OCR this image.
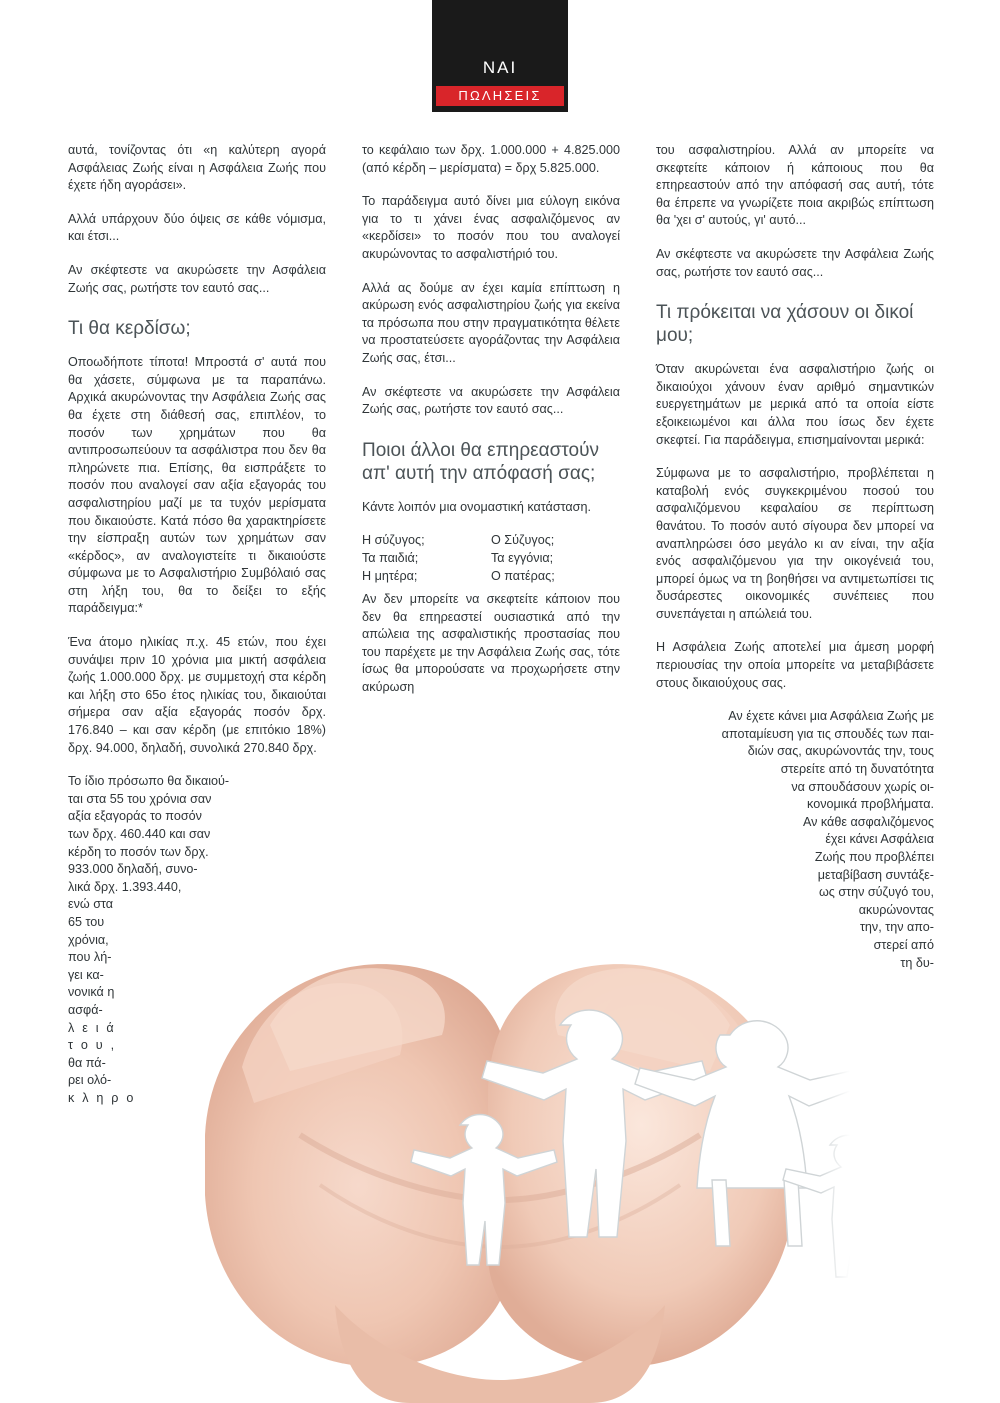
ΝΑΙ
ΠΩΛΗΣΕΙΣ

αυτά, τονίζοντας ότι «η καλύτερη αγορά Ασφάλειας Ζωής είναι η Ασφάλεια Ζωής που έχετε ήδη αγοράσει».

Αλλά υπάρχουν δύο όψεις σε κάθε νόμισμα, και έτσι...

Αν σκέφτεστε να ακυρώσετε την Ασφάλεια Ζωής σας, ρωτήστε τον εαυτό σας...

Τι θα κερδίσω;

Οποωδήποτε τίποτα! Μπροστά σ' αυτά που θα χάσετε, σύμφωνα με τα παραπάνω. Αρχικά ακυρώνοντας την Ασφάλεια Ζωής σας θα έχετε στη διάθεσή σας, επιπλέον, το ποσόν των χρημάτων που θα αντιπροσωπεύουν τα ασφάλιστρα που δεν θα πληρώνετε πια. Επίσης, θα εισπράξετε το ποσόν που αναλογεί σαν αξία εξαγοράς του ασφαλιστηρίου μαζί με τα τυχόν μερίσματα που δικαιούστε. Κατά πόσο θα χαρακτηρίσετε την είσπραξη αυτών των χρημάτων σαν «κέρδος», αν αναλογιστείτε τι δικαιούστε σύμφωνα με το Ασφαλιστήριο Συμβόλαιό σας στη λήξη του, θα το δείξει το εξής παράδειγμα:*

Ένα άτομο ηλικίας π.χ. 45 ετών, που έχει συνάψει πριν 10 χρόνια μια μικτή ασφάλεια ζωής 1.000.000 δρχ. με συμμετοχή στα κέρδη και λήξη στο 65ο έτος ηλικίας του, δικαιούται σήμερα σαν αξία εξαγοράς ποσόν δρχ. 176.840 – και σαν κέρδη (με επιτόκιο 18%) δρχ. 94.000, δηλαδή, συνολικά 270.840 δρχ.

Το ίδιο πρόσωπο θα δικαιού-
ται στα 55 του χρόνια σαν
αξία εξαγοράς το ποσόν
των δρχ. 460.440 και σαν
κέρδη το ποσόν των δρχ.
933.000 δηλαδή, συνο-
λικά δρχ. 1.393.440,
ενώ στα
65 του
χρόνια,
που λή-
γει κα-
νονικά η
ασφά-
λ ε ι ά
τ ο υ ,
θα πά-
ρει ολό-
κ λ η ρ ο

το κεφάλαιο των δρχ. 1.000.000 + 4.825.000 (από κέρδη – μερίσματα) = δρχ 5.825.000.

Το παράδειγμα αυτό δίνει μια εύλογη εικόνα για το τι χάνει ένας ασφαλιζόμενος αν «κερδίσει» το ποσόν που του αναλογεί ακυρώνοντας το ασφαλιστήριό του.

Αλλά ας δούμε αν έχει καμία επίπτωση η ακύρωση ενός ασφαλιστηρίου ζωής για εκείνα τα πρόσωπα που στην πραγματικότητα θέλετε να προστατεύσετε αγοράζοντας την Ασφάλεια Ζωής σας, έτσι...

Αν σκέφτεστε να ακυρώσετε την Ασφάλεια Ζωής σας, ρωτήστε τον εαυτό σας...

Ποιοι άλλοι θα επηρεαστούν απ' αυτή την απόφασή σας;

Κάντε λοιπόν μια ονομαστική κατάσταση.

Η σύζυγος;	Ο Σύζυγος;
Τα παιδιά;	Τα εγγόνια;
Η μητέρα;	Ο πατέρας;

Αν δεν μπορείτε να σκεφτείτε κάποιον που δεν θα επηρεαστεί ουσιαστικά από την απώλεια της ασφαλιστικής προστασίας που του παρέχετε με την Ασφάλεια Ζωής σας, τότε ίσως θα μπορούσατε να προχωρήσετε στην ακύρωση

του ασφαλιστηρίου. Αλλά αν μπορείτε να σκεφτείτε κάποιον ή κάποιους που θα επηρεαστούν από την απόφασή σας αυτή, τότε θα έπρεπε να γνωρίζετε ποια ακριβώς επίπτωση θα 'χει σ' αυτούς, γι' αυτό...

Αν σκέφτεστε να ακυρώσετε την Ασφάλεια Ζωής σας, ρωτήστε τον εαυτό σας...

Τι πρόκειται να χάσουν οι δικοί μου;

Όταν ακυρώνεται ένα ασφαλιστήριο ζωής οι δικαιούχοι χάνουν έναν αριθμό σημαντικών ευεργετημάτων με μερικά από τα οποία είστε εξοικειωμένοι και άλλα που ίσως δεν έχετε σκεφτεί. Για παράδειγμα, επισημαίνονται μερικά:

Σύμφωνα με το ασφαλιστήριο, προβλέπεται η καταβολή ενός συγκεκριμένου ποσού του ασφαλιζόμενου κεφαλαίου σε περίπτωση θανάτου. Το ποσόν αυτό σίγουρα δεν μπορεί να αναπληρώσει όσο μεγάλο κι αν είναι, την αξία ενός ασφαλιζόμενου για την οικογένειά του, μπορεί όμως να τη βοηθήσει να αντιμετωπίσει τις δυσάρεστες οικονομικές συνέπειες που συνεπάγεται η απώλειά του.

Η Ασφάλεια Ζωής αποτελεί μια άμεση μορφή περιουσίας την οποία μπορείτε να μεταβιβάσετε στους δικαιούχους σας.

Αν έχετε κάνει μια Ασφάλεια Ζωής με
αποταμίευση για τις σπουδές των παι-
διών σας, ακυρώνοντάς την, τους
στερείτε από τη δυνατότητα
να σπουδάσουν χωρίς οι-
κονομικά προβλήματα.
Αν κάθε ασφαλιζόμενος
έχει κάνει Ασφάλεια
Ζωής που προβλέπει
μεταβίβαση συντάξε-
ως στην σύζυγό του,
ακυρώνοντας
την, την απο-
στερεί από
τη δυ-
